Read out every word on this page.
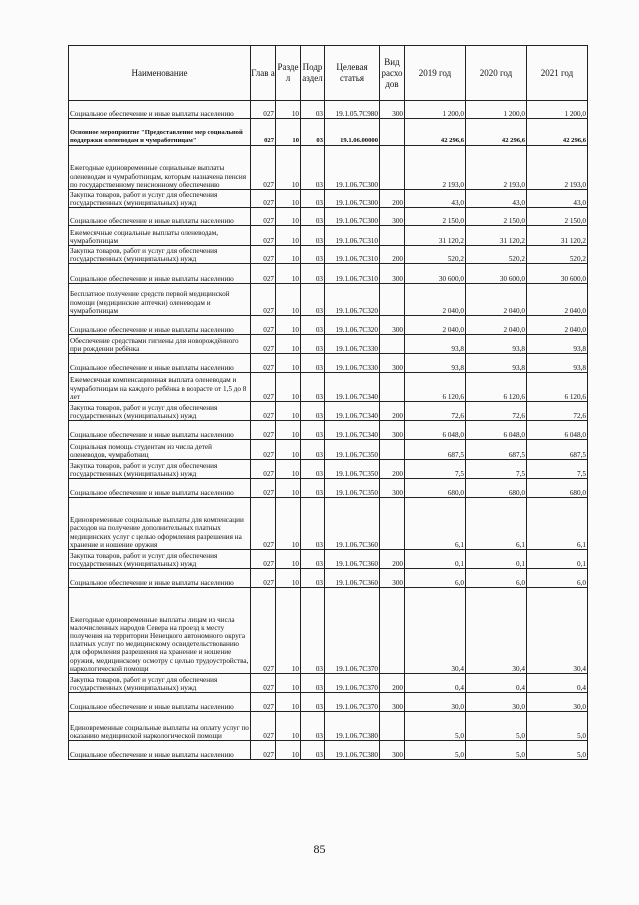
Наименование	Глав а	Разде л	Подр аздел	Целевая статья	Вид расхо дов	2019 год	2020 год	2021 год
Социальное обеспечение и иные выплаты населению	027	10	03	19.1.05.7С980	300	1 200,0	1 200,0	1 200,0
Основное мероприятие "Предоставление мер социальной поддержки оленеводам и чумработницам"	027	10	03	19.1.06.00000		42 296,6	42 296,6	42 296,6
Ежегодные единовременные социальные выплаты оленеводам и чумработницам, которым назначена пенсия по государственному пенсионному обеспечению	027	10	03	19.1.06.7С300		2 193,0	2 193,0	2 193,0
Закупка товаров, работ и услуг для обеспечения государственных (муниципальных) нужд	027	10	03	19.1.06.7С300	200	43,0	43,0	43,0
Социальное обеспечение и иные выплаты населению	027	10	03	19.1.06.7С300	300	2 150,0	2 150,0	2 150,0
Ежемесячные социальные выплаты оленеводам, чумработницам	027	10	03	19.1.06.7С310		31 120,2	31 120,2	31 120,2
Закупка товаров, работ и услуг для обеспечения государственных (муниципальных) нужд	027	10	03	19.1.06.7С310	200	520,2	520,2	520,2
Социальное обеспечение и иные выплаты населению	027	10	03	19.1.06.7С310	300	30 600,0	30 600,0	30 600,0
Бесплатное получение средств первой медицинской помощи (медицинские аптечки) оленеводам и чумработницам	027	10	03	19.1.06.7С320		2 040,0	2 040,0	2 040,0
Социальное обеспечение и иные выплаты населению	027	10	03	19.1.06.7С320	300	2 040,0	2 040,0	2 040,0
Обеспечение средствами гигиены для новорождённого при рождении ребёнка	027	10	03	19.1.06.7С330		93,8	93,8	93,8
Социальное обеспечение и иные выплаты населению	027	10	03	19.1.06.7С330	300	93,8	93,8	93,8
Ежемесячная компенсационная выплата оленеводам и чумработницам на каждого ребёнка в возрасте от 1,5 до 8 лет	027	10	03	19.1.06.7С340		6 120,6	6 120,6	6 120,6
Закупка товаров, работ и услуг для обеспечения государственных (муниципальных) нужд	027	10	03	19.1.06.7С340	200	72,6	72,6	72,6
Социальное обеспечение и иные выплаты населению	027	10	03	19.1.06.7С340	300	6 048,0	6 048,0	6 048,0
Социальная помощь студентам из числа детей оленеводов, чумработниц	027	10	03	19.1.06.7С350		687,5	687,5	687,5
Закупка товаров, работ и услуг для обеспечения государственных (муниципальных) нужд	027	10	03	19.1.06.7С350	200	7,5	7,5	7,5
Социальное обеспечение и иные выплаты населению	027	10	03	19.1.06.7С350	300	680,0	680,0	680,0
Единовременные социальные выплаты для компенсации расходов на получение дополнительных платных медицинских услуг с целью оформления разрешения на хранение и ношение оружия	027	10	03	19.1.06.7С360		6,1	6,1	6,1
Закупка товаров, работ и услуг для обеспечения государственных (муниципальных) нужд	027	10	03	19.1.06.7С360	200	0,1	0,1	0,1
Социальное обеспечение и иные выплаты населению	027	10	03	19.1.06.7С360	300	6,0	6,0	6,0
Ежегодные единовременные выплаты лицам из числа малочисленных народов Севера на проезд к месту получения на территории Ненецкого автономного округа платных услуг по медицинскому освидетельствованию для оформления разрешения на хранение и ношение оружия, медицинскому осмотру с целью трудоустройства, наркологической помощи	027	10	03	19.1.06.7С370		30,4	30,4	30,4
Закупка товаров, работ и услуг для обеспечения государственных (муниципальных) нужд	027	10	03	19.1.06.7С370	200	0,4	0,4	0,4
Социальное обеспечение и иные выплаты населению	027	10	03	19.1.06.7С370	300	30,0	30,0	30,0
Единовременные социальные выплаты на оплату услуг по оказанию медицинской наркологической помощи	027	10	03	19.1.06.7С380		5,0	5,0	5,0
Социальное обеспечение и иные выплаты населению	027	10	03	19.1.06.7С380	300	5,0	5,0	5,0
85
